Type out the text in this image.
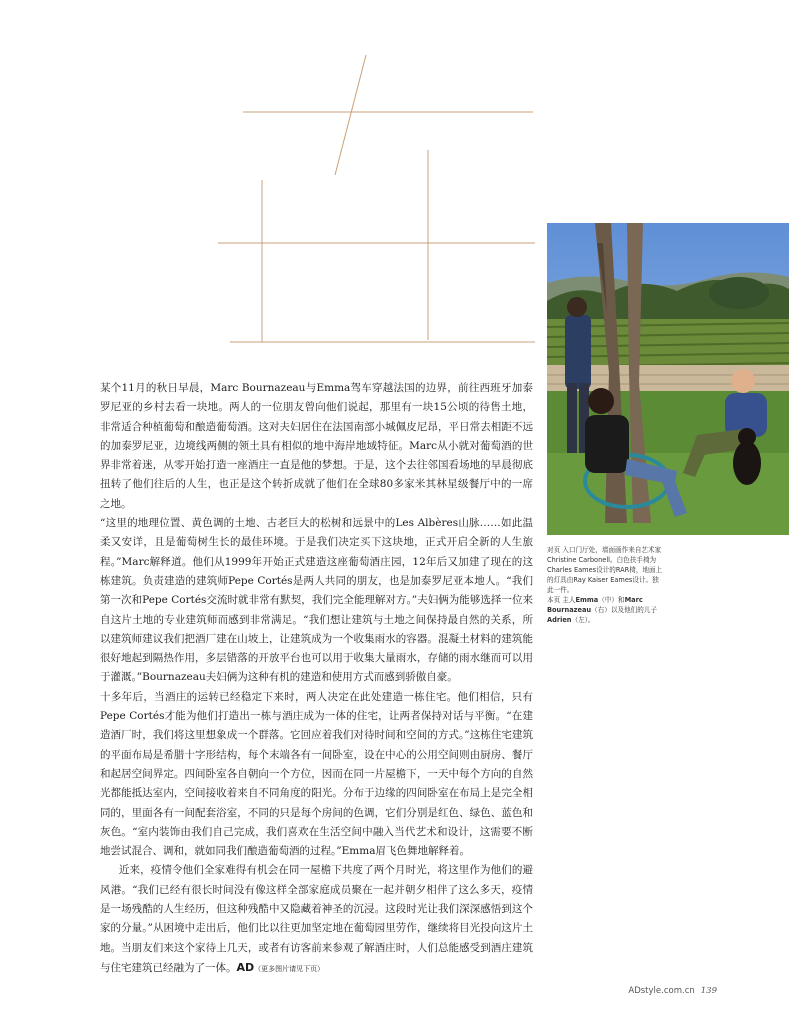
对页 入口门厅处，墙面画作来自艺术家Christine Carbonell。白色扶手椅为Charles Eames设计的RAR椅，地面上的灯具由Ray Kaiser Eames设计。独此一件。
本页 主人Emma（中）和Marc Bournazeau（右）以及他们的儿子Adrien（左）。

某个11月的秋日早晨，Marc Bournazeau与Emma驾车穿越法国的边界，前往西班牙加泰罗尼亚的乡村去看一块地。两人的一位朋友曾向他们说起，那里有一块15公顷的待售土地，非常适合种植葡萄和酿造葡萄酒。这对夫妇居住在法国南部小城佩皮尼昂，平日常去相距不远的加泰罗尼亚，边境线两侧的领土具有相似的地中海岸地域特征。Marc从小就对葡萄酒的世界非常着迷，从零开始打造一座酒庄一直是他的梦想。于是，这个去往邻国看场地的早晨彻底扭转了他们往后的人生，也正是这个转折成就了他们在全球80多家米其林星级餐厅中的一席之地。

“这里的地理位置、黄色调的土地、古老巨大的松树和远景中的Les Albères山脉……如此温柔又安详，且是葡萄树生长的最佳环境。于是我们决定买下这块地，正式开启全新的人生旅程。”Marc解释道。他们从1999年开始正式建造这座葡萄酒庄园，12年后又加建了现在的这栋建筑。负责建造的建筑师Pepe Cortés是两人共同的朋友，也是加泰罗尼亚本地人。“我们第一次和Pepe Cortés交流时就非常有默契，我们完全能理解对方。”夫妇俩为能够选择一位来自这片土地的专业建筑师而感到非常满足。“我们想让建筑与土地之间保持最自然的关系，所以建筑师建议我们把酒厂建在山坡上，让建筑成为一个收集雨水的容器。混凝土材料的建筑能很好地起到隔热作用，多层错落的开放平台也可以用于收集大量雨水，存储的雨水继而可以用于灌溉。”Bournazeau夫妇俩为这种有机的建造和使用方式而感到骄傲自豪。

十多年后，当酒庄的运转已经稳定下来时，两人决定在此处建造一栋住宅。他们相信，只有Pepe Cortés才能为他们打造出一栋与酒庄成为一体的住宅，让两者保持对话与平衡。“在建造酒厂时，我们将这里想象成一个群落。它回应着我们对待时间和空间的方式。”这栋住宅建筑的平面布局是希腊十字形结构，每个末端各有一间卧室，设在中心的公用空间则由厨房、餐厅和起居空间界定。四间卧室各自朝向一个方位，因而在同一片屋檐下，一天中每个方向的自然光都能抵达室内，空间接收着来自不同角度的阳光。分布于边缘的四间卧室在布局上是完全相同的，里面各有一间配套浴室，不同的只是每个房间的色调，它们分别是红色、绿色、蓝色和灰色。“室内装饰由我们自己完成，我们喜欢在生活空间中融入当代艺术和设计，这需要不断地尝试混合、调和，就如同我们酿造葡萄酒的过程。”Emma眉飞色舞地解释着。

近来，疫情令他们全家难得有机会在同一屋檐下共度了两个月时光，将这里作为他们的避风港。“我们已经有很长时间没有像这样全部家庭成员聚在一起并朝夕相伴了这么多天，疫情是一场残酷的人生经历，但这种残酷中又隐藏着神圣的沉浸。这段时光让我们深深感悟到这个家的分量。”从困境中走出后，他们比以往更加坚定地在葡萄园里劳作，继续将目光投向这片土地。当朋友们来这个家待上几天，或者有访客前来参观了解酒庄时，人们总能感受到酒庄建筑与住宅建筑已经融为了一体。AD（更多图片请见下页）

ADstyle.com.cn 139
